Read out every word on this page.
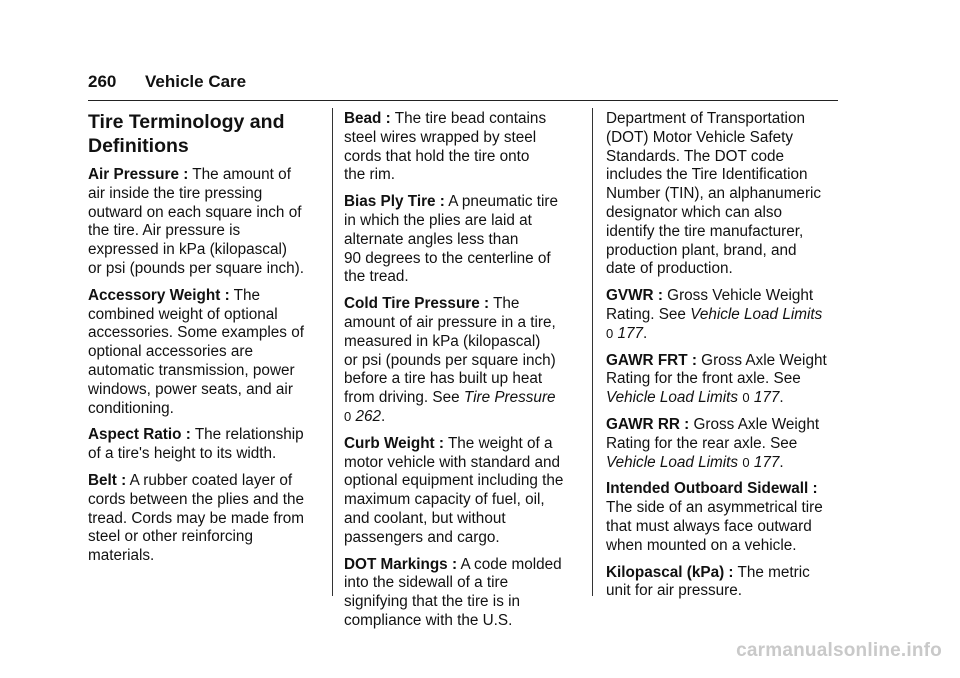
260 Vehicle Care
Tire Terminology and
Definitions
Air Pressure : The amount of
air inside the tire pressing
outward on each square inch of
the tire. Air pressure is
expressed in kPa (kilopascal)
or psi (pounds per square inch).
Accessory Weight : The
combined weight of optional
accessories. Some examples of
optional accessories are
automatic transmission, power
windows, power seats, and air
conditioning.
Aspect Ratio : The relationship
of a tire's height to its width.
Belt : A rubber coated layer of
cords between the plies and the
tread. Cords may be made from
steel or other reinforcing
materials.
Bead : The tire bead contains
steel wires wrapped by steel
cords that hold the tire onto
the rim.
Bias Ply Tire : A pneumatic tire
in which the plies are laid at
alternate angles less than
90 degrees to the centerline of
the tread.
Cold Tire Pressure : The
amount of air pressure in a tire,
measured in kPa (kilopascal)
or psi (pounds per square inch)
before a tire has built up heat
from driving. See Tire Pressure
0 262.
Curb Weight : The weight of a
motor vehicle with standard and
optional equipment including the
maximum capacity of fuel, oil,
and coolant, but without
passengers and cargo.
DOT Markings : A code molded
into the sidewall of a tire
signifying that the tire is in
compliance with the U.S.
Department of Transportation
(DOT) Motor Vehicle Safety
Standards. The DOT code
includes the Tire Identification
Number (TIN), an alphanumeric
designator which can also
identify the tire manufacturer,
production plant, brand, and
date of production.
GVWR : Gross Vehicle Weight
Rating. See Vehicle Load Limits
0 177.
GAWR FRT : Gross Axle Weight
Rating for the front axle. See
Vehicle Load Limits 0 177.
GAWR RR : Gross Axle Weight
Rating for the rear axle. See
Vehicle Load Limits 0 177.
Intended Outboard Sidewall :
The side of an asymmetrical tire
that must always face outward
when mounted on a vehicle.
Kilopascal (kPa) : The metric
unit for air pressure.
carmanualsonline.info
